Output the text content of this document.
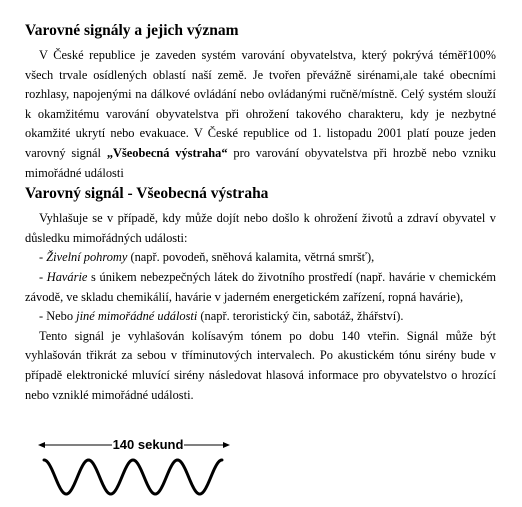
Varovné signály a jejich význam

V České republice je zaveden systém varování obyvatelstva, který pokrývá téměř100%

všech trvale osídlených oblastí naší země. Je tvořen převážně sirénami,ale také obecními

rozhlasy, napojenými na dálkové ovládání nebo ovládanými ručně/místně. Celý systém slouží

k okamžitému varování obyvatelstva při ohrožení takového charakteru, kdy je nezbytné

okamžité ukrytí nebo evakuace. V České republice od 1. listopadu 2001 platí pouze jeden

varovný signál „Všeobecná výstraha“ pro varování obyvatelstva při hrozbě nebo vzniku

mimořádné události

Varovný signál - Všeobecná výstraha

Vyhlašuje se v případě, kdy může dojít nebo došlo k ohrožení životů a zdraví obyvatel v

důsledku mimořádných události:

- Živelní pohromy (např. povodeň, sněhová kalamita, větrná smršť),

- Havárie s únikem nebezpečných látek do životního prostředí (např. havárie v chemickém

závodě, ve skladu chemikálií, havárie v jaderném energetickém zařízení, ropná havárie),

- Nebo jiné mimořádné události (např. teroristický čin, sabotáž, žhářství).

Tento signál je vyhlašován kolísavým tónem po dobu 140 vteřin. Signál může být

vyhlašován třikrát za sebou v tříminutových intervalech. Po akustickém tónu sirény bude v

případě elektronické mluvící sirény následovat hlasová informace pro obyvatelstvo o hrozící

nebo vzniklé mimořádné události.

140 sekund
